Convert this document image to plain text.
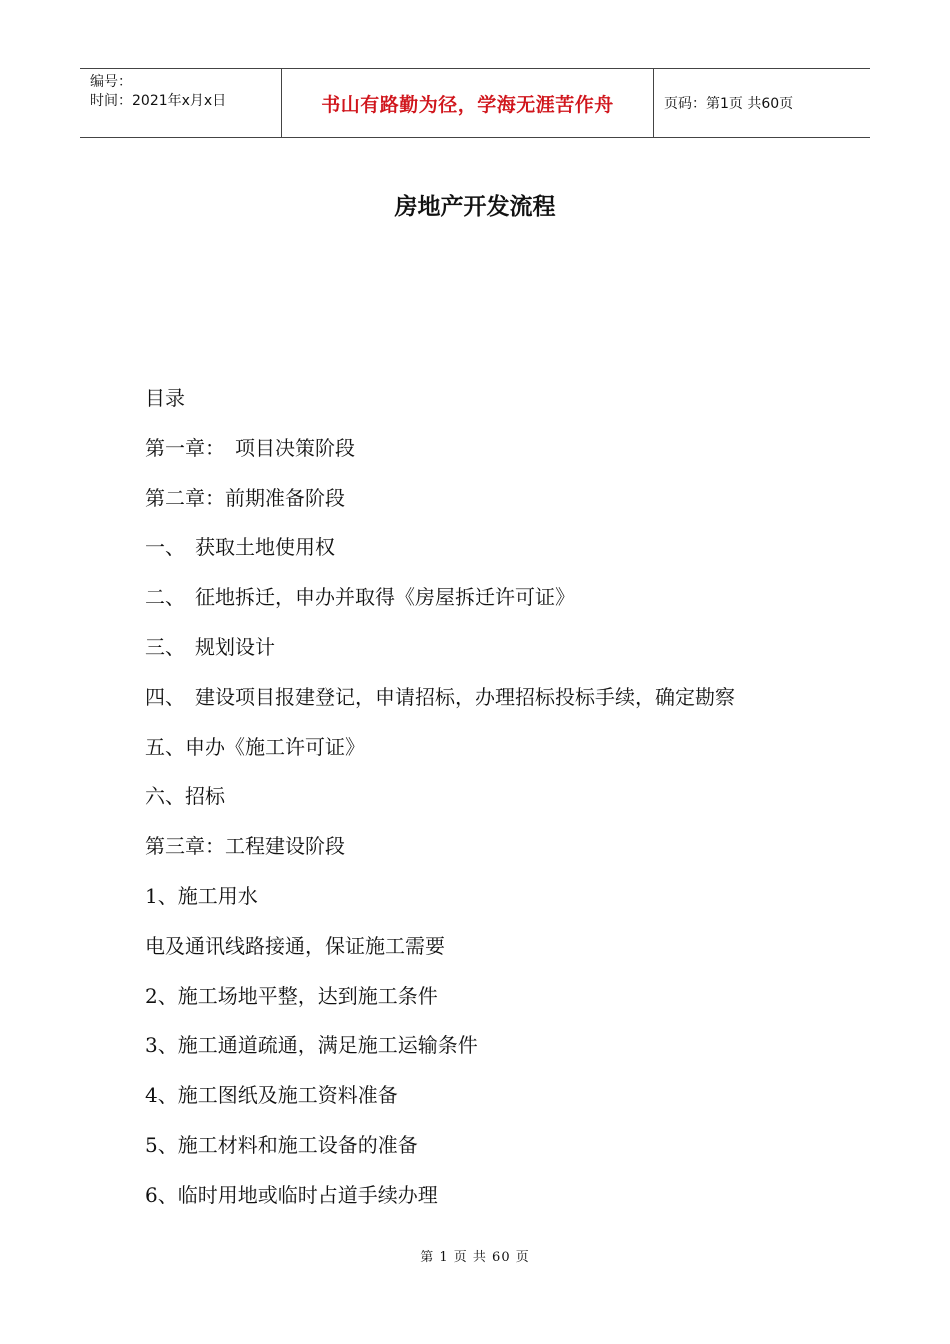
编号：
时间：2021年x月x日	书山有路勤为径，学海无涯苦作舟	页码：第1页 共60页
房地产开发流程
目录
第一章：　项目决策阶段
第二章：前期准备阶段
一、　获取土地使用权
二、　征地拆迁，申办并取得《房屋拆迁许可证》
三、　规划设计
四、　建设项目报建登记，申请招标，办理招标投标手续，确定勘察
五、申办《施工许可证》
六、招标
第三章：工程建设阶段
1、施工用水
电及通讯线路接通，保证施工需要
2、施工场地平整，达到施工条件
3、施工通道疏通，满足施工运输条件
4、施工图纸及施工资料准备
5、施工材料和施工设备的准备
6、临时用地或临时占道手续办理
第 1 页 共 60 页
